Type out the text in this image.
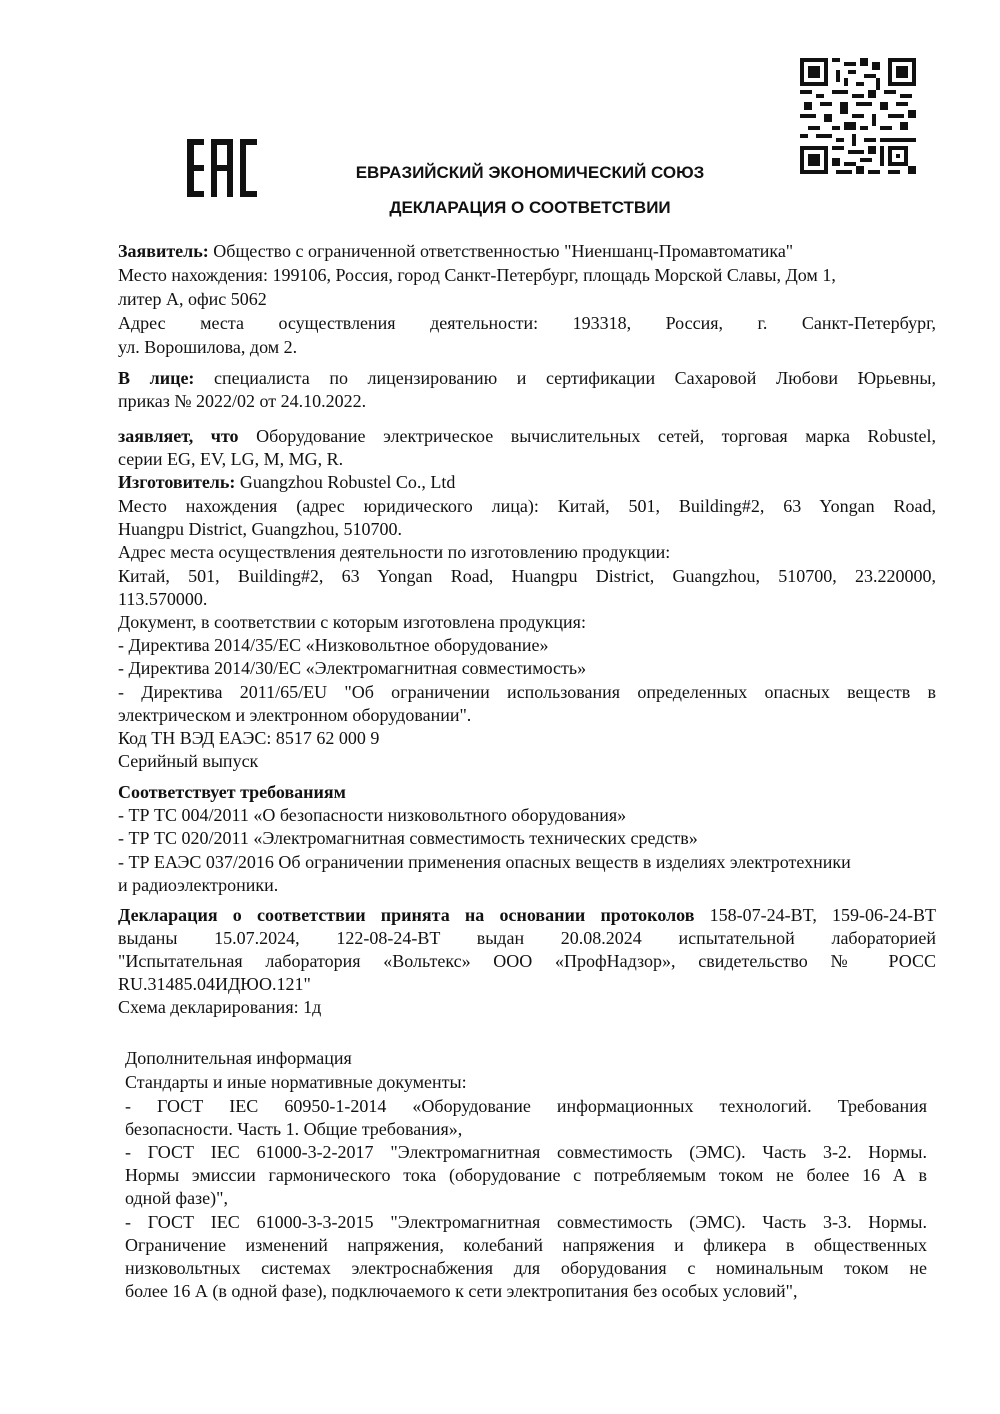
ЕВРАЗИЙСКИЙ ЭКОНОМИЧЕСКИЙ СОЮЗ
ДЕКЛАРАЦИЯ О СООТВЕТСТВИИ
Заявитель: Общество с ограниченной ответственностью "Ниеншанц-Промавтоматика"
Место нахождения: 199106, Россия, город Санкт-Петербург, площадь Морской Славы, Дом 1,
литер А, офис 5062
Адрес места осуществления деятельности: 193318, Россия, г. Санкт-Петербург,
ул. Ворошилова, дом 2.
В лице: специалиста по лицензированию и сертификации Сахаровой Любови Юрьевны,
приказ № 2022/02 от 24.10.2022.
заявляет, что Оборудование электрическое вычислительных сетей, торговая марка Robustel,
серии EG, EV, LG, M, MG, R.
Изготовитель: Guangzhou Robustel Co., Ltd
Место нахождения (адрес юридического лица): Китай, 501, Building#2, 63 Yongan Road,
Huangpu District, Guangzhou, 510700.
Адрес места осуществления деятельности по изготовлению продукции:
Китай, 501, Building#2, 63 Yongan Road, Huangpu District, Guangzhou, 510700, 23.220000,
113.570000.
Документ, в соответствии с которым изготовлена продукция:
- Директива 2014/35/EC «Низковольтное оборудование»
- Директива 2014/30/EC «Электромагнитная совместимость»
- Директива 2011/65/EU "Об ограничении использования определенных опасных веществ в
электрическом и электронном оборудовании".
Код ТН ВЭД ЕАЭС: 8517 62 000 9
Серийный выпуск
Соответствует требованиям
- ТР ТС 004/2011 «О безопасности низковольтного оборудования»
- ТР ТС 020/2011 «Электромагнитная совместимость технических средств»
- ТР ЕАЭС 037/2016 Об ограничении применения опасных веществ в изделиях электротехники
и радиоэлектроники.
Декларация о соответствии принята на основании протоколов 158-07-24-BT, 159-06-24-BT
выданы 15.07.2024, 122-08-24-BT выдан 20.08.2024 испытательной лабораторией
"Испытательная лаборатория «Вольтекс» ООО «ПрофНадзор», свидетельство № РОСС
RU.31485.04ИДЮО.121"
Схема декларирования: 1д
Дополнительная информация
Стандарты и иные нормативные документы:
- ГОСТ IEC 60950-1-2014 «Оборудование информационных технологий. Требования
безопасности. Часть 1. Общие требования»,
- ГОСТ IEC 61000-3-2-2017 "Электромагнитная совместимость (ЭМС). Часть 3-2. Нормы.
Нормы эмиссии гармонического тока (оборудование с потребляемым током не более 16 А в
одной фазе)",
- ГОСТ IEC 61000-3-3-2015 "Электромагнитная совместимость (ЭМС). Часть 3-3. Нормы.
Ограничение изменений напряжения, колебаний напряжения и фликера в общественных
низковольтных системах электроснабжения для оборудования с номинальным током не
более 16 А (в одной фазе), подключаемого к сети электропитания без особых условий",
